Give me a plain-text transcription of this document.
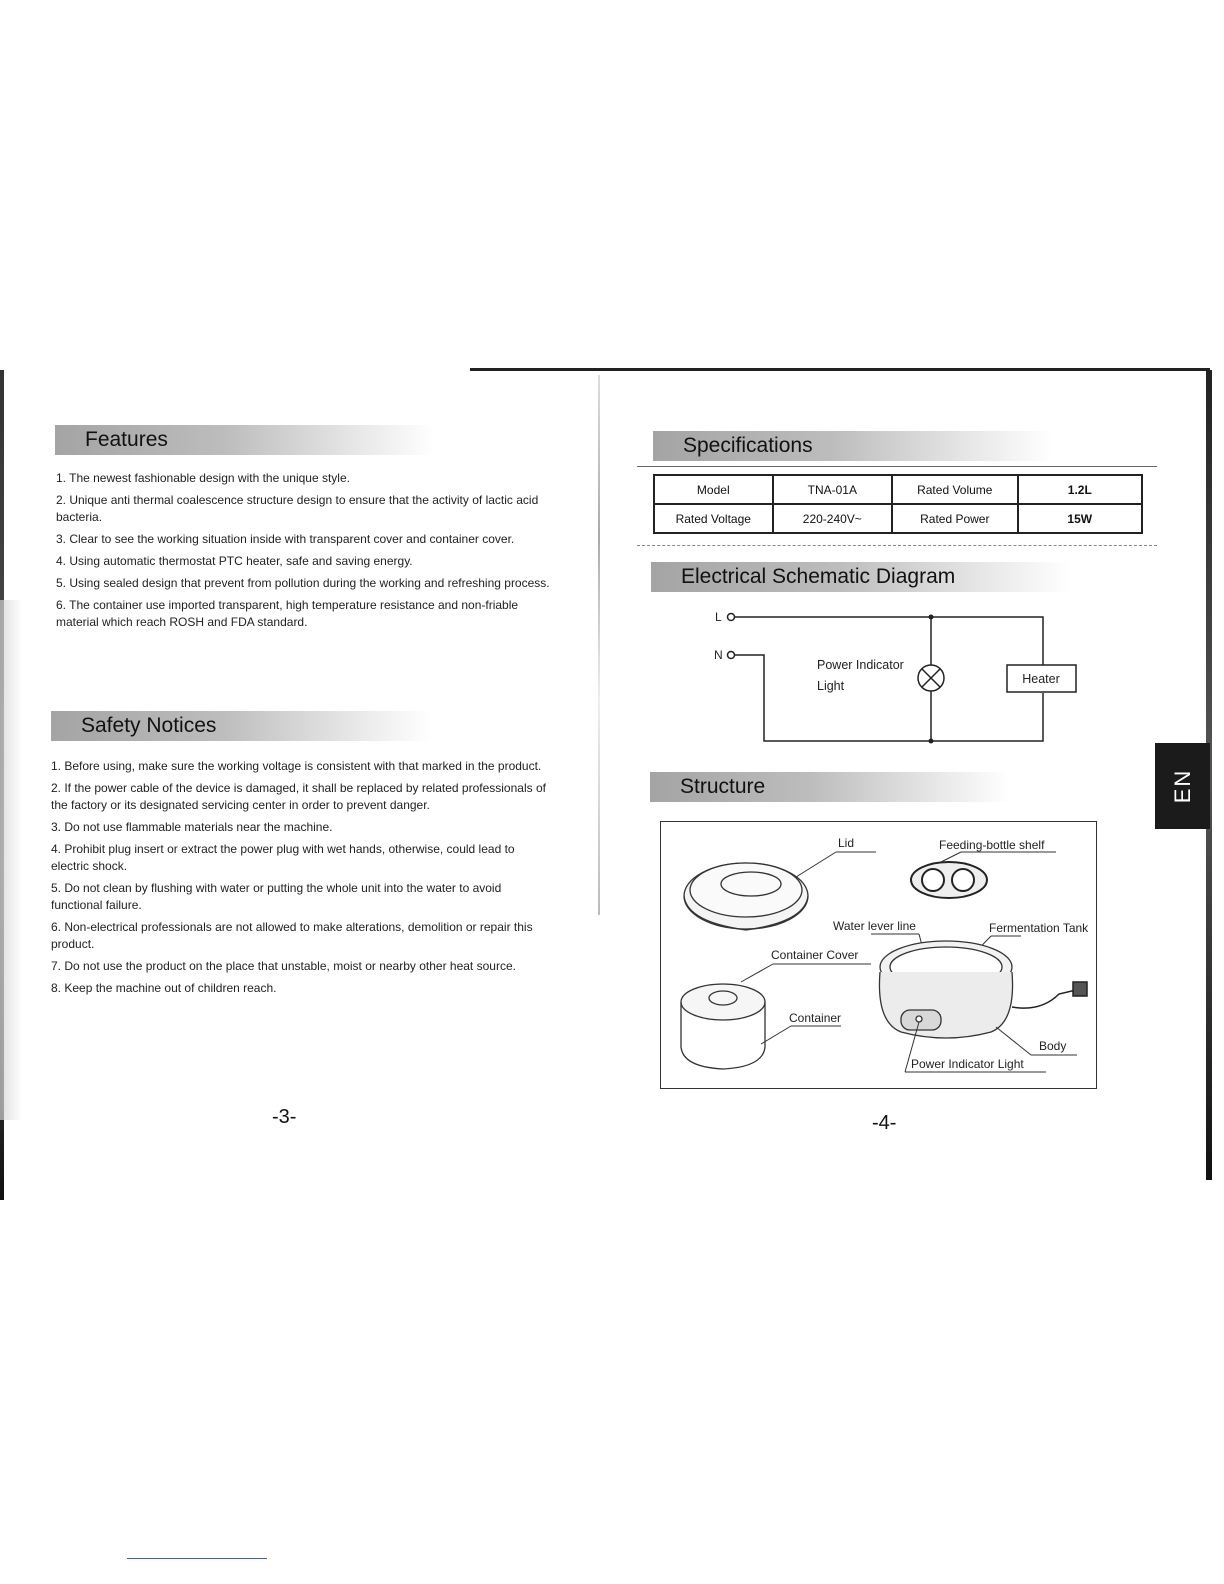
Features
1. The newest fashionable design with the unique style.
2. Unique anti thermal coalescence structure design to ensure that the activity of lactic acid bacteria.
3. Clear to see the working situation inside with transparent cover and container cover.
4. Using automatic thermostat PTC heater, safe and saving energy.
5. Using sealed design that prevent from pollution during the working and refreshing process.
6. The container use imported transparent, high temperature resistance and non-friable material which reach ROSH and FDA standard.
Safety Notices
1. Before using, make sure the working voltage is consistent with that marked in the product.
2. If the power cable of the device is damaged, it shall be replaced by related professionals of the factory or its designated servicing center in order to prevent danger.
3. Do not use flammable materials near the machine.
4. Prohibit plug insert or extract the power plug with wet hands, otherwise, could lead to electric shock.
5. Do not clean by flushing with water or putting the whole unit into the water to avoid functional failure.
6. Non-electrical professionals are not allowed to make alterations, demolition or repair this product.
7. Do not use the product on the place that unstable, moist or nearby other heat source.
8. Keep the machine out of children reach.
-3-
Specifications
Model	TNA-01A	Rated Volume	1.2L
Rated Voltage	220-240V~	Rated Power	15W
Electrical Schematic Diagram
L
N
Power Indicator
Light	Heater
Structure
Lid	Feeding-bottle shelf
Water lever line	Fermentation Tank
Container Cover
Container
Body
Power Indicator Light
-4-
EN
